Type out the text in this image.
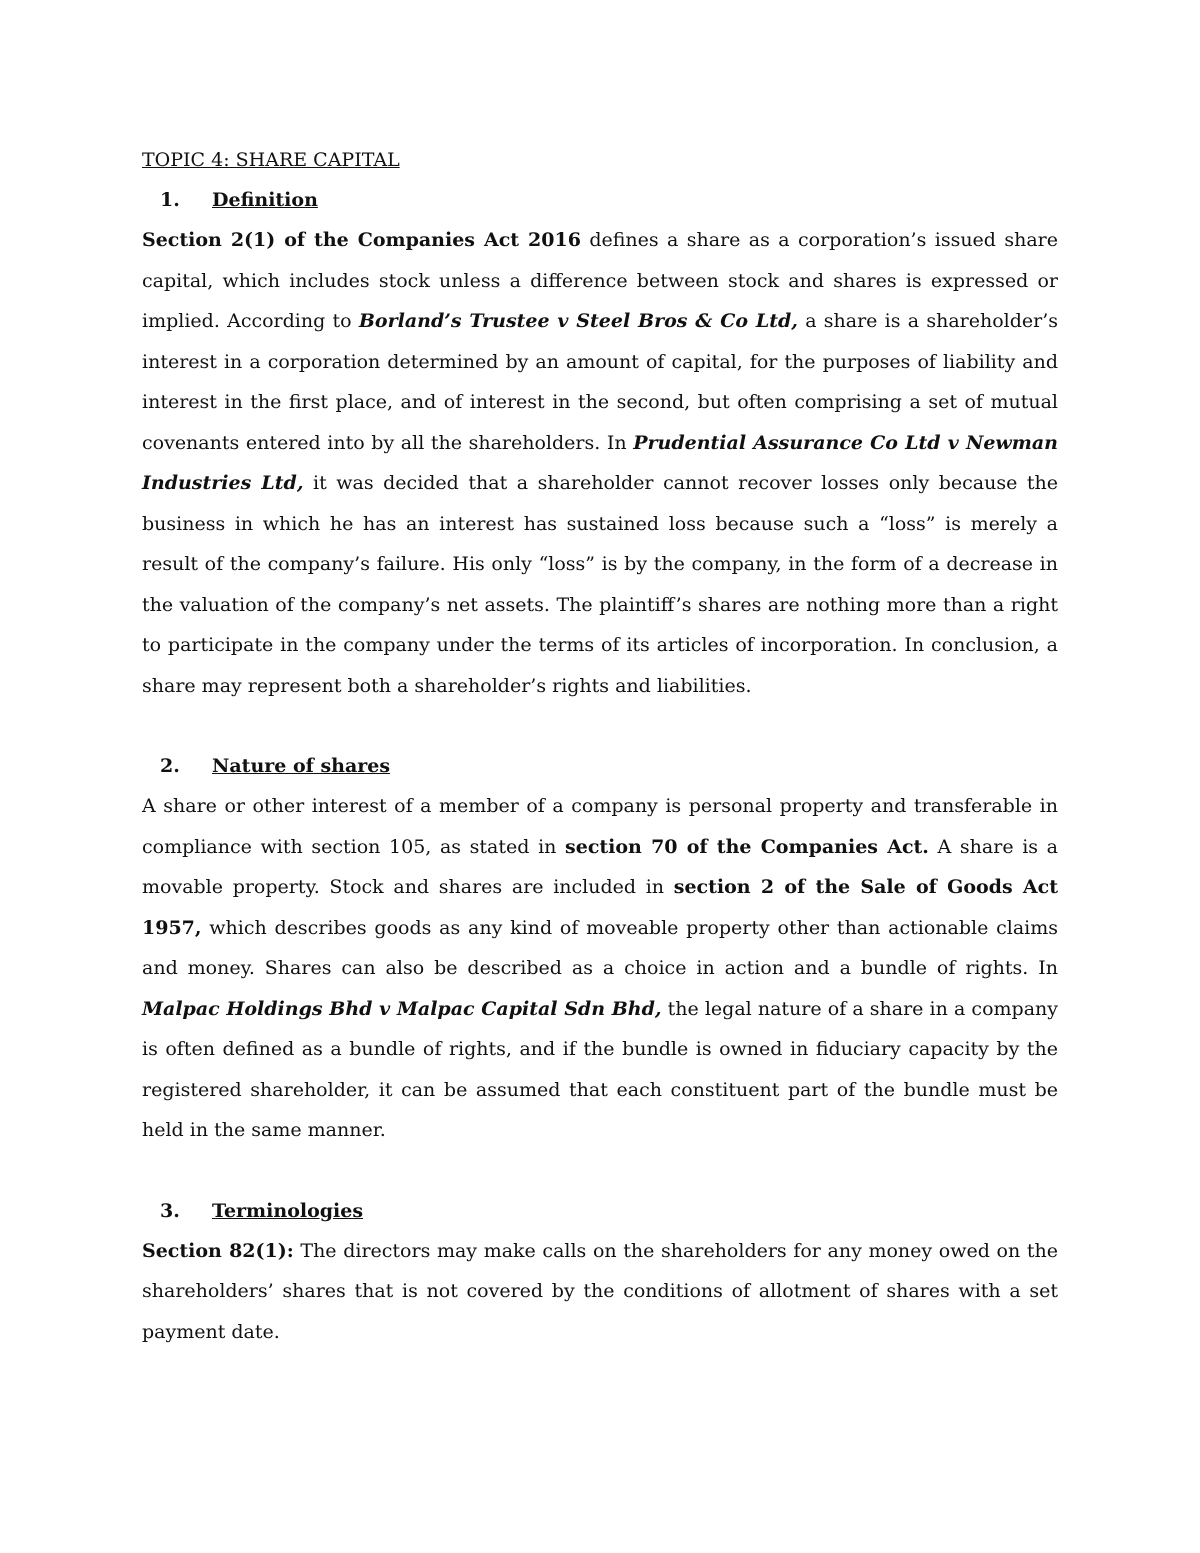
TOPIC 4: SHARE CAPITAL
1. Definition

Section 2(1) of the Companies Act 2016 defines a share as a corporation’s issued share capital, which includes stock unless a difference between stock and shares is expressed or implied. According to Borland’s Trustee v Steel Bros & Co Ltd, a share is a shareholder’s interest in a corporation determined by an amount of capital, for the purposes of liability and interest in the first place, and of interest in the second, but often comprising a set of mutual covenants entered into by all the shareholders. In Prudential Assurance Co Ltd v Newman Industries Ltd, it was decided that a shareholder cannot recover losses only because the business in which he has an interest has sustained loss because such a “loss” is merely a result of the company’s failure. His only “loss” is by the company, in the form of a decrease in the valuation of the company’s net assets. The plaintiff’s shares are nothing more than a right to participate in the company under the terms of its articles of incorporation. In conclusion, a share may represent both a shareholder’s rights and liabilities.

2. Nature of shares

A share or other interest of a member of a company is personal property and transferable in compliance with section 105, as stated in section 70 of the Companies Act. A share is a movable property. Stock and shares are included in section 2 of the Sale of Goods Act 1957, which describes goods as any kind of moveable property other than actionable claims and money. Shares can also be described as a choice in action and a bundle of rights. In Malpac Holdings Bhd v Malpac Capital Sdn Bhd, the legal nature of a share in a company is often defined as a bundle of rights, and if the bundle is owned in fiduciary capacity by the registered shareholder, it can be assumed that each constituent part of the bundle must be held in the same manner.

3. Terminologies

Section 82(1): The directors may make calls on the shareholders for any money owed on the shareholders’ shares that is not covered by the conditions of allotment of shares with a set payment date.
